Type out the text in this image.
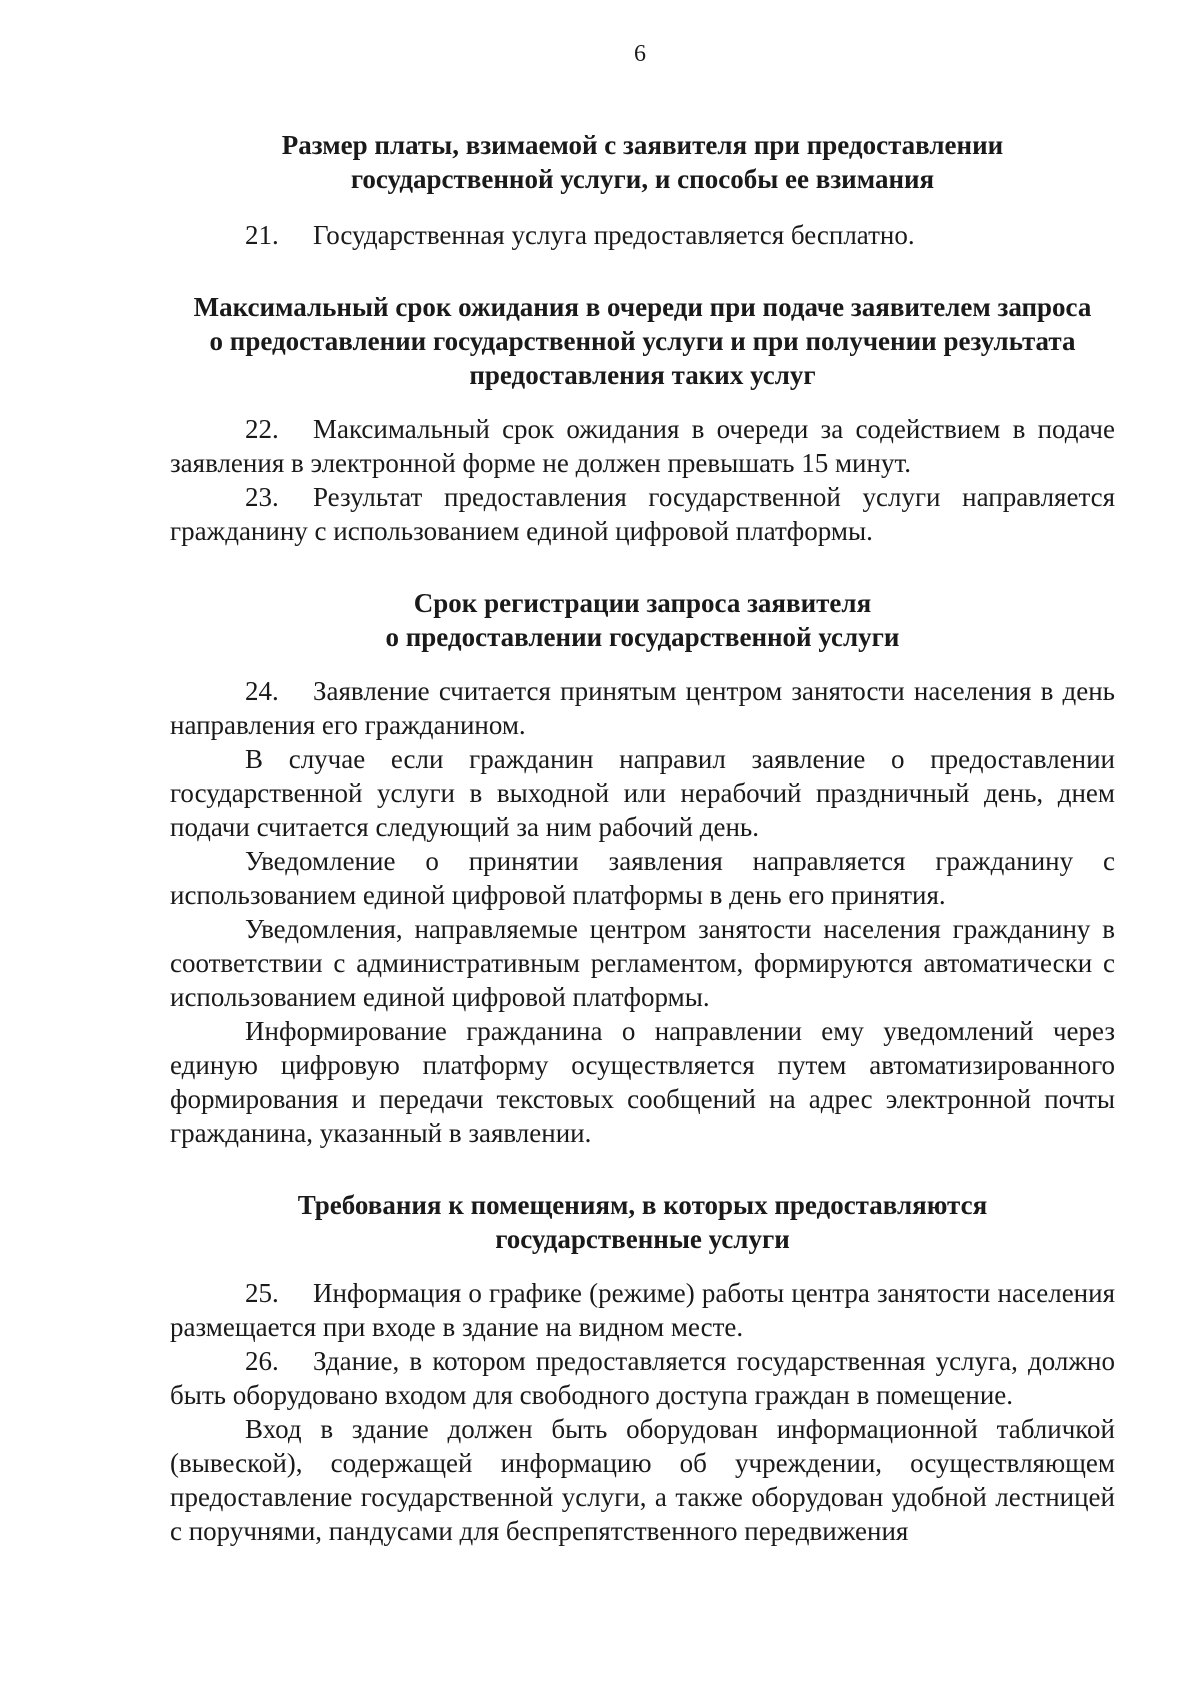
6
Размер платы, взимаемой с заявителя при предоставлении
государственной услуги, и способы ее взимания

21. Государственная услуга предоставляется бесплатно.

Максимальный срок ожидания в очереди при подаче заявителем запроса
о предоставлении государственной услуги и при получении результата
предоставления таких услуг

22. Максимальный срок ожидания в очереди за содействием в подаче заявления в электронной форме не должен превышать 15 минут.

23. Результат предоставления государственной услуги направляется гражданину с использованием единой цифровой платформы.

Срок регистрации запроса заявителя
о предоставлении государственной услуги

24. Заявление считается принятым центром занятости населения в день направления его гражданином.

В случае если гражданин направил заявление о предоставлении государственной услуги в выходной или нерабочий праздничный день, днем подачи считается следующий за ним рабочий день.

Уведомление о принятии заявления направляется гражданину с использованием единой цифровой платформы в день его принятия.

Уведомления, направляемые центром занятости населения гражданину в соответствии с административным регламентом, формируются автоматически с использованием единой цифровой платформы.

Информирование гражданина о направлении ему уведомлений через единую цифровую платформу осуществляется путем автоматизированного формирования и передачи текстовых сообщений на адрес электронной почты гражданина, указанный в заявлении.

Требования к помещениям, в которых предоставляются
государственные услуги

25. Информация о графике (режиме) работы центра занятости населения размещается при входе в здание на видном месте.

26. Здание, в котором предоставляется государственная услуга, должно быть оборудовано входом для свободного доступа граждан в помещение.

Вход в здание должен быть оборудован информационной табличкой (вывеской), содержащей информацию об учреждении, осуществляющем предоставление государственной услуги, а также оборудован удобной лестницей с поручнями, пандусами для беспрепятственного передвижения
